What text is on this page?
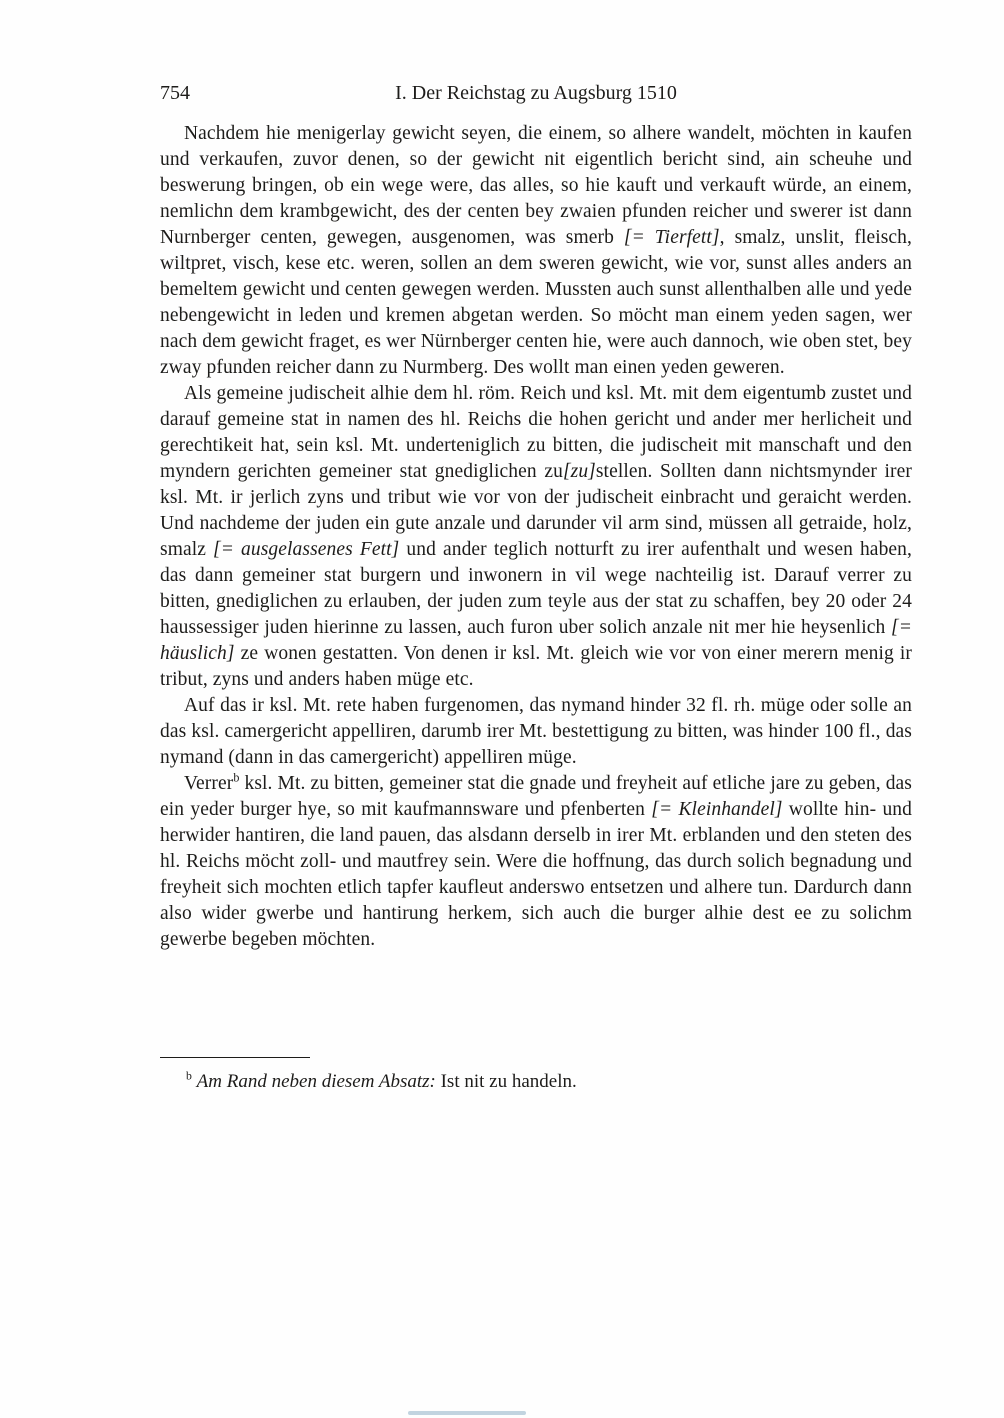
754	I. Der Reichstag zu Augsburg 1510

Nachdem hie menigerlay gewicht seyen, die einem, so alhere wandelt, möchten in kaufen und verkaufen, zuvor denen, so der gewicht nit eigentlich bericht sind, ain scheuhe und beswerung bringen, ob ein wege were, das alles, so hie kauft und verkauft würde, an einem, nemlichn dem krambgewicht, des der centen bey zwaien pfunden reicher und swerer ist dann Nurnberger centen, gewegen, ausgenomen, was smerb [= Tierfett], smalz, unslit, fleisch, wiltpret, visch, kese etc. weren, sollen an dem sweren gewicht, wie vor, sunst alles anders an bemeltem gewicht und centen gewegen werden. Mussten auch sunst allenthalben alle und yede nebengewicht in leden und kremen abgetan werden. So möcht man einem yeden sagen, wer nach dem gewicht fraget, es wer Nürnberger centen hie, were auch dannoch, wie oben stet, bey zway pfunden reicher dann zu Nurmberg. Des wollt man einen yeden geweren.

Als gemeine judischeit alhie dem hl. röm. Reich und ksl. Mt. mit dem eigentumb zustet und darauf gemeine stat in namen des hl. Reichs die hohen gericht und ander mer herlicheit und gerechtikeit hat, sein ksl. Mt. underteniglich zu bitten, die judischeit mit manschaft und den myndern gerichten gemeiner stat gnediglichen zu[zu]stellen. Sollten dann nichtsmynder irer ksl. Mt. ir jerlich zyns und tribut wie vor von der judischeit einbracht und geraicht werden. Und nachdeme der juden ein gute anzale und darunder vil arm sind, müssen all getraide, holz, smalz [= ausgelassenes Fett] und ander teglich notturft zu irer aufenthalt und wesen haben, das dann gemeiner stat burgern und inwonern in vil wege nachteilig ist. Darauf verrer zu bitten, gnediglichen zu erlauben, der juden zum teyle aus der stat zu schaffen, bey 20 oder 24 haussessiger juden hierinne zu lassen, auch furon uber solich anzale nit mer hie heysenlich [= häuslich] ze wonen gestatten. Von denen ir ksl. Mt. gleich wie vor von einer merern menig ir tribut, zyns und anders haben müge etc.

Auf das ir ksl. Mt. rete haben furgenomen, das nymand hinder 32 fl. rh. müge oder solle an das ksl. camergericht appelliren, darumb irer Mt. bestettigung zu bitten, was hinder 100 fl., das nymand (dann in das camergericht) appelliren müge.

Verrer$^b$ ksl. Mt. zu bitten, gemeiner stat die gnade und freyheit auf etliche jare zu geben, das ein yeder burger hye, so mit kaufmannsware und pfenberten [= Kleinhandel] wollte hin- und herwider hantiren, die land pauen, das alsdann derselb in irer Mt. erblanden und den steten des hl. Reichs möcht zoll- und mautfrey sein. Were die hoffnung, das durch solich begnadung und freyheit sich mochten etlich tapfer kaufleut anderswo entsetzen und alhere tun. Dardurch dann also wider gwerbe und hantirung herkem, sich auch die burger alhie dest ee zu solichm gewerbe begeben möchten.

$^b$ Am Rand neben diesem Absatz: Ist nit zu handeln.
